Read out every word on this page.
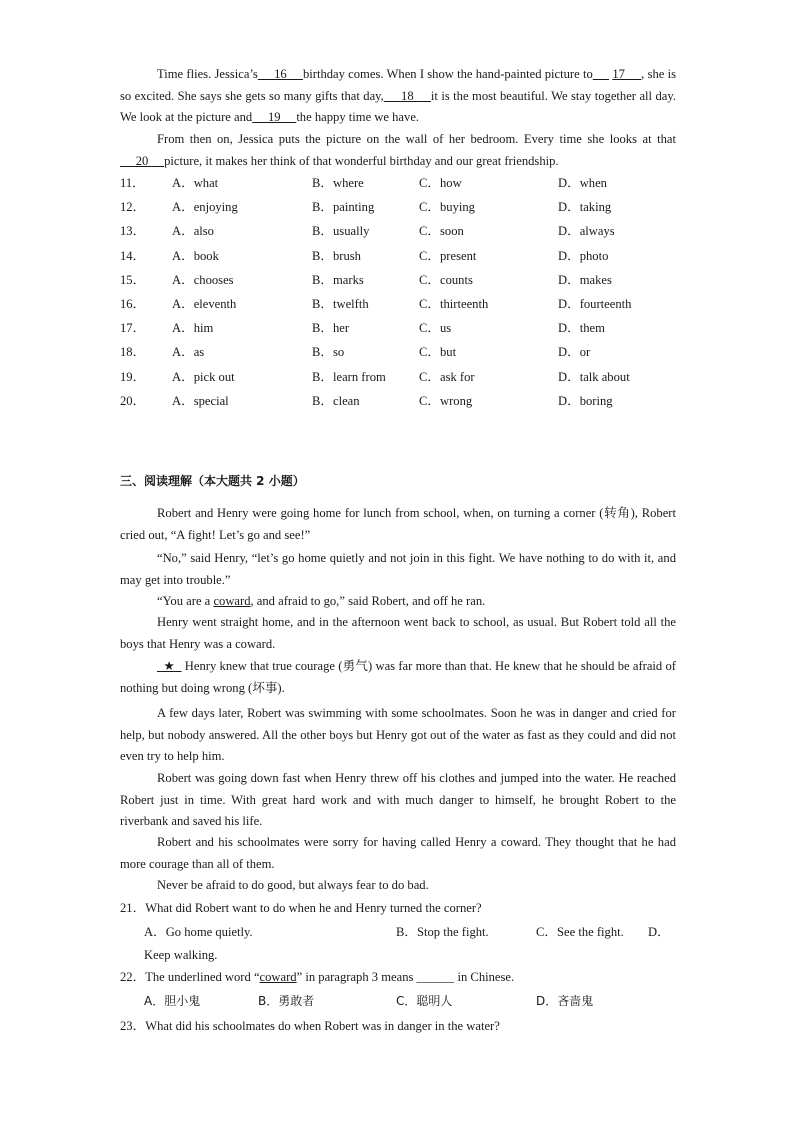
Time flies. Jessica’s     16     birthday comes. When I show the hand-painted picture to 17     , she is so excited. She says she gets so many gifts that day,     18     it is the most beautiful. We stay together all day. We look at the picture and     19     the happy time we have.

From then on, Jessica puts the picture on the wall of her bedroom. Every time she looks at that     20     picture, it makes her think of that wonderful birthday and our great friendship.

11． A．what	B．where	C．how	D．when
12． A．enjoying	B．painting	C．buying	D．taking
13． A．also	B．usually	C．soon	D．always
14． A．book	B．brush	C．present	D．photo
15． A．chooses	B．marks	C．counts	D．makes
16． A．eleventh	B．twelfth	C．thirteenth	D．fourteenth
17． A．him	B．her	C．us	D．them
18． A．as	B．so	C．but	D．or
19． A．pick out	B．learn from	C．ask for	D．talk about
20． A．special	B．clean	C．wrong	D．boring
三、阅读理解（本大题共 2 小题）

Robert and Henry were going home for lunch from school, when, on turning a corner (转角), Robert cried out, “A fight! Let’s go and see!”

“No,” said Henry, “let’s go home quietly and not join in this fight. We have nothing to do with it, and may get into trouble.”

“You are a coward, and afraid to go,” said Robert, and off he ran.

Henry went straight home, and in the afternoon went back to school, as usual. But Robert told all the boys that Henry was a coward.

★   Henry knew that true courage (勇气) was far more than that. He knew that he should be afraid of nothing but doing wrong (坏事).

A few days later, Robert was swimming with some schoolmates. Soon he was in danger and cried for help, but nobody answered. All the other boys but Henry got out of the water as fast as they could and did not even try to help him.

Robert was going down fast when Henry threw off his clothes and jumped into the water. He reached Robert just in time. With great hard work and with much danger to himself, he brought Robert to the riverbank and saved his life.

Robert and his schoolmates were sorry for having called Henry a coward. They thought that he had more courage than all of them.

Never be afraid to do good, but always fear to do bad.

21．What did Robert want to do when he and Henry turned the corner?
A．Go home quietly.	B．Stop the fight.	C．See the fight. D．
Keep walking.
22．The underlined word “coward” in paragraph 3 means ______ in Chinese.
A．胆小鬼	B．勇敢者	C．聪明人	D．吝啬鬼
23．What did his schoolmates do when Robert was in danger in the water?
